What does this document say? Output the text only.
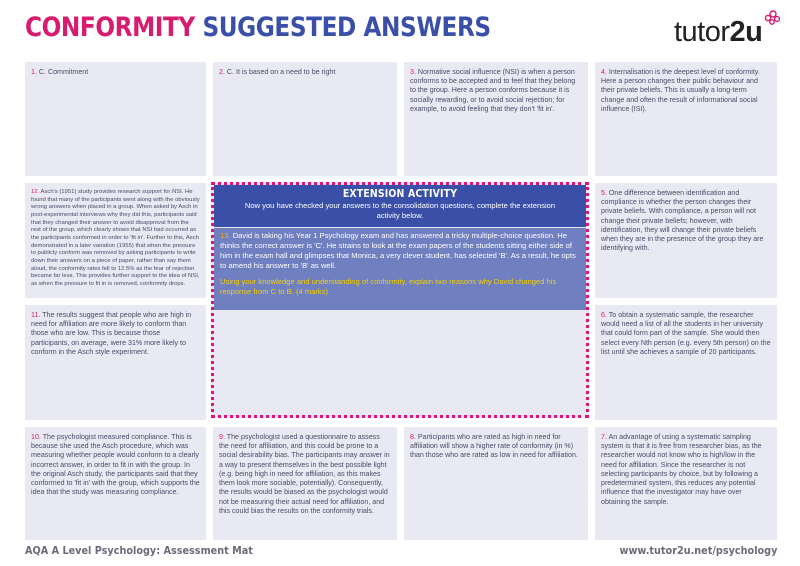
CONFORMITY SUGGESTED ANSWERS	tutor2u
1. C. Commitment	2. C. It is based on a need to be right	3. Normative social influence (NSI) is when a person conforms to be accepted and to feel that they belong to the group. Here a person conforms because it is socially rewarding, or to avoid social rejection; for example, to avoid feeling that they don't 'fit in'.
4. Internalisation is the deepest level of conformity. Here a person changes their public behaviour and their private beliefs. This is usually a long-term change and often the result of informational social influence (ISI).
12. Asch's (1951) study provides research support for NSI. He found that many of the participants went along with the obviously wrong answers when placed in a group. When asked by Asch in post-experimental interviews why they did this, participants said that they changed their answer to avoid disapproval from the rest of the group, which clearly shows that NSI had occurred as the participants conformed in order to 'fit in'. Further to this, Asch demonstrated in a later variation (1955) that when the pressure to publicly conform was removed by asking participants to write down their answers on a piece of paper, rather than say them aloud, the conformity rates fell to 12.5% as the fear of rejection became far less. This provides further support to the idea of NSI, as when the pressure to fit in is removed, conformity drops.
5. One difference between identification and compliance is whether the person changes their private beliefs. With compliance, a person will not change their private beliefs; however, with identification, they will change their private beliefs when they are in the presence of the group they are identifying with.
11. The results suggest that people who are high in need for affiliation are more likely to conform than those who are low. This is because those participants, on average, were 31% more likely to conform in the Asch style experiment.
6. To obtain a systematic sample, the researcher would need a list of all the students in her university that could form part of the sample. She would then select every Nth person (e.g. every 5th person) on the list until she achieves a sample of 20 participants.
10. The psychologist measured compliance. This is because she used the Asch procedure, which was measuring whether people would conform to a clearly incorrect answer, in order to fit in with the group. In the original Asch study, the participants said that they conformed to 'fit in' with the group, which supports the idea that the study was measuring compliance.
9. The psychologist used a questionnaire to assess the need for affiliation, and this could be prone to a social desirability bias. The participants may answer in a way to present themselves in the best possible light (e.g. being high in need for affiliation, as this makes them look more sociable, potentially). Consequently, the results would be biased as the psychologist would not be measuring their actual need for affiliation, and this could bias the results on the conformity trials.
8. Participants who are rated as high in need for affiliation will show a higher rate of conformity (in %) than those who are rated as low in need for affiliation.
7. An advantage of using a systematic sampling system is that it is free from researcher bias, as the researcher would not know who is high/low in the need for affiliation. Since the researcher is not selecting participants by choice, but by following a predetermined system, this reduces any potential influence that the investigator may have over obtaining the sample.
EXTENSION ACTIVITY
Now you have checked your answers to the consolidation questions, complete the extension activity below.
13. David is taking his Year 1 Psychology exam and has answered a tricky multiple-choice question. He thinks the correct answer is 'C'. He strains to look at the exam papers of the students sitting either side of him in the exam hall and glimpses that Monica, a very clever student, has selected 'B'. As a result, he opts to amend his answer to 'B' as well.
Using your knowledge and understanding of conformity, explain two reasons why David changed his response from C to B. (4 marks)
AQA A Level Psychology: Assessment Mat	www.tutor2u.net/psychology
